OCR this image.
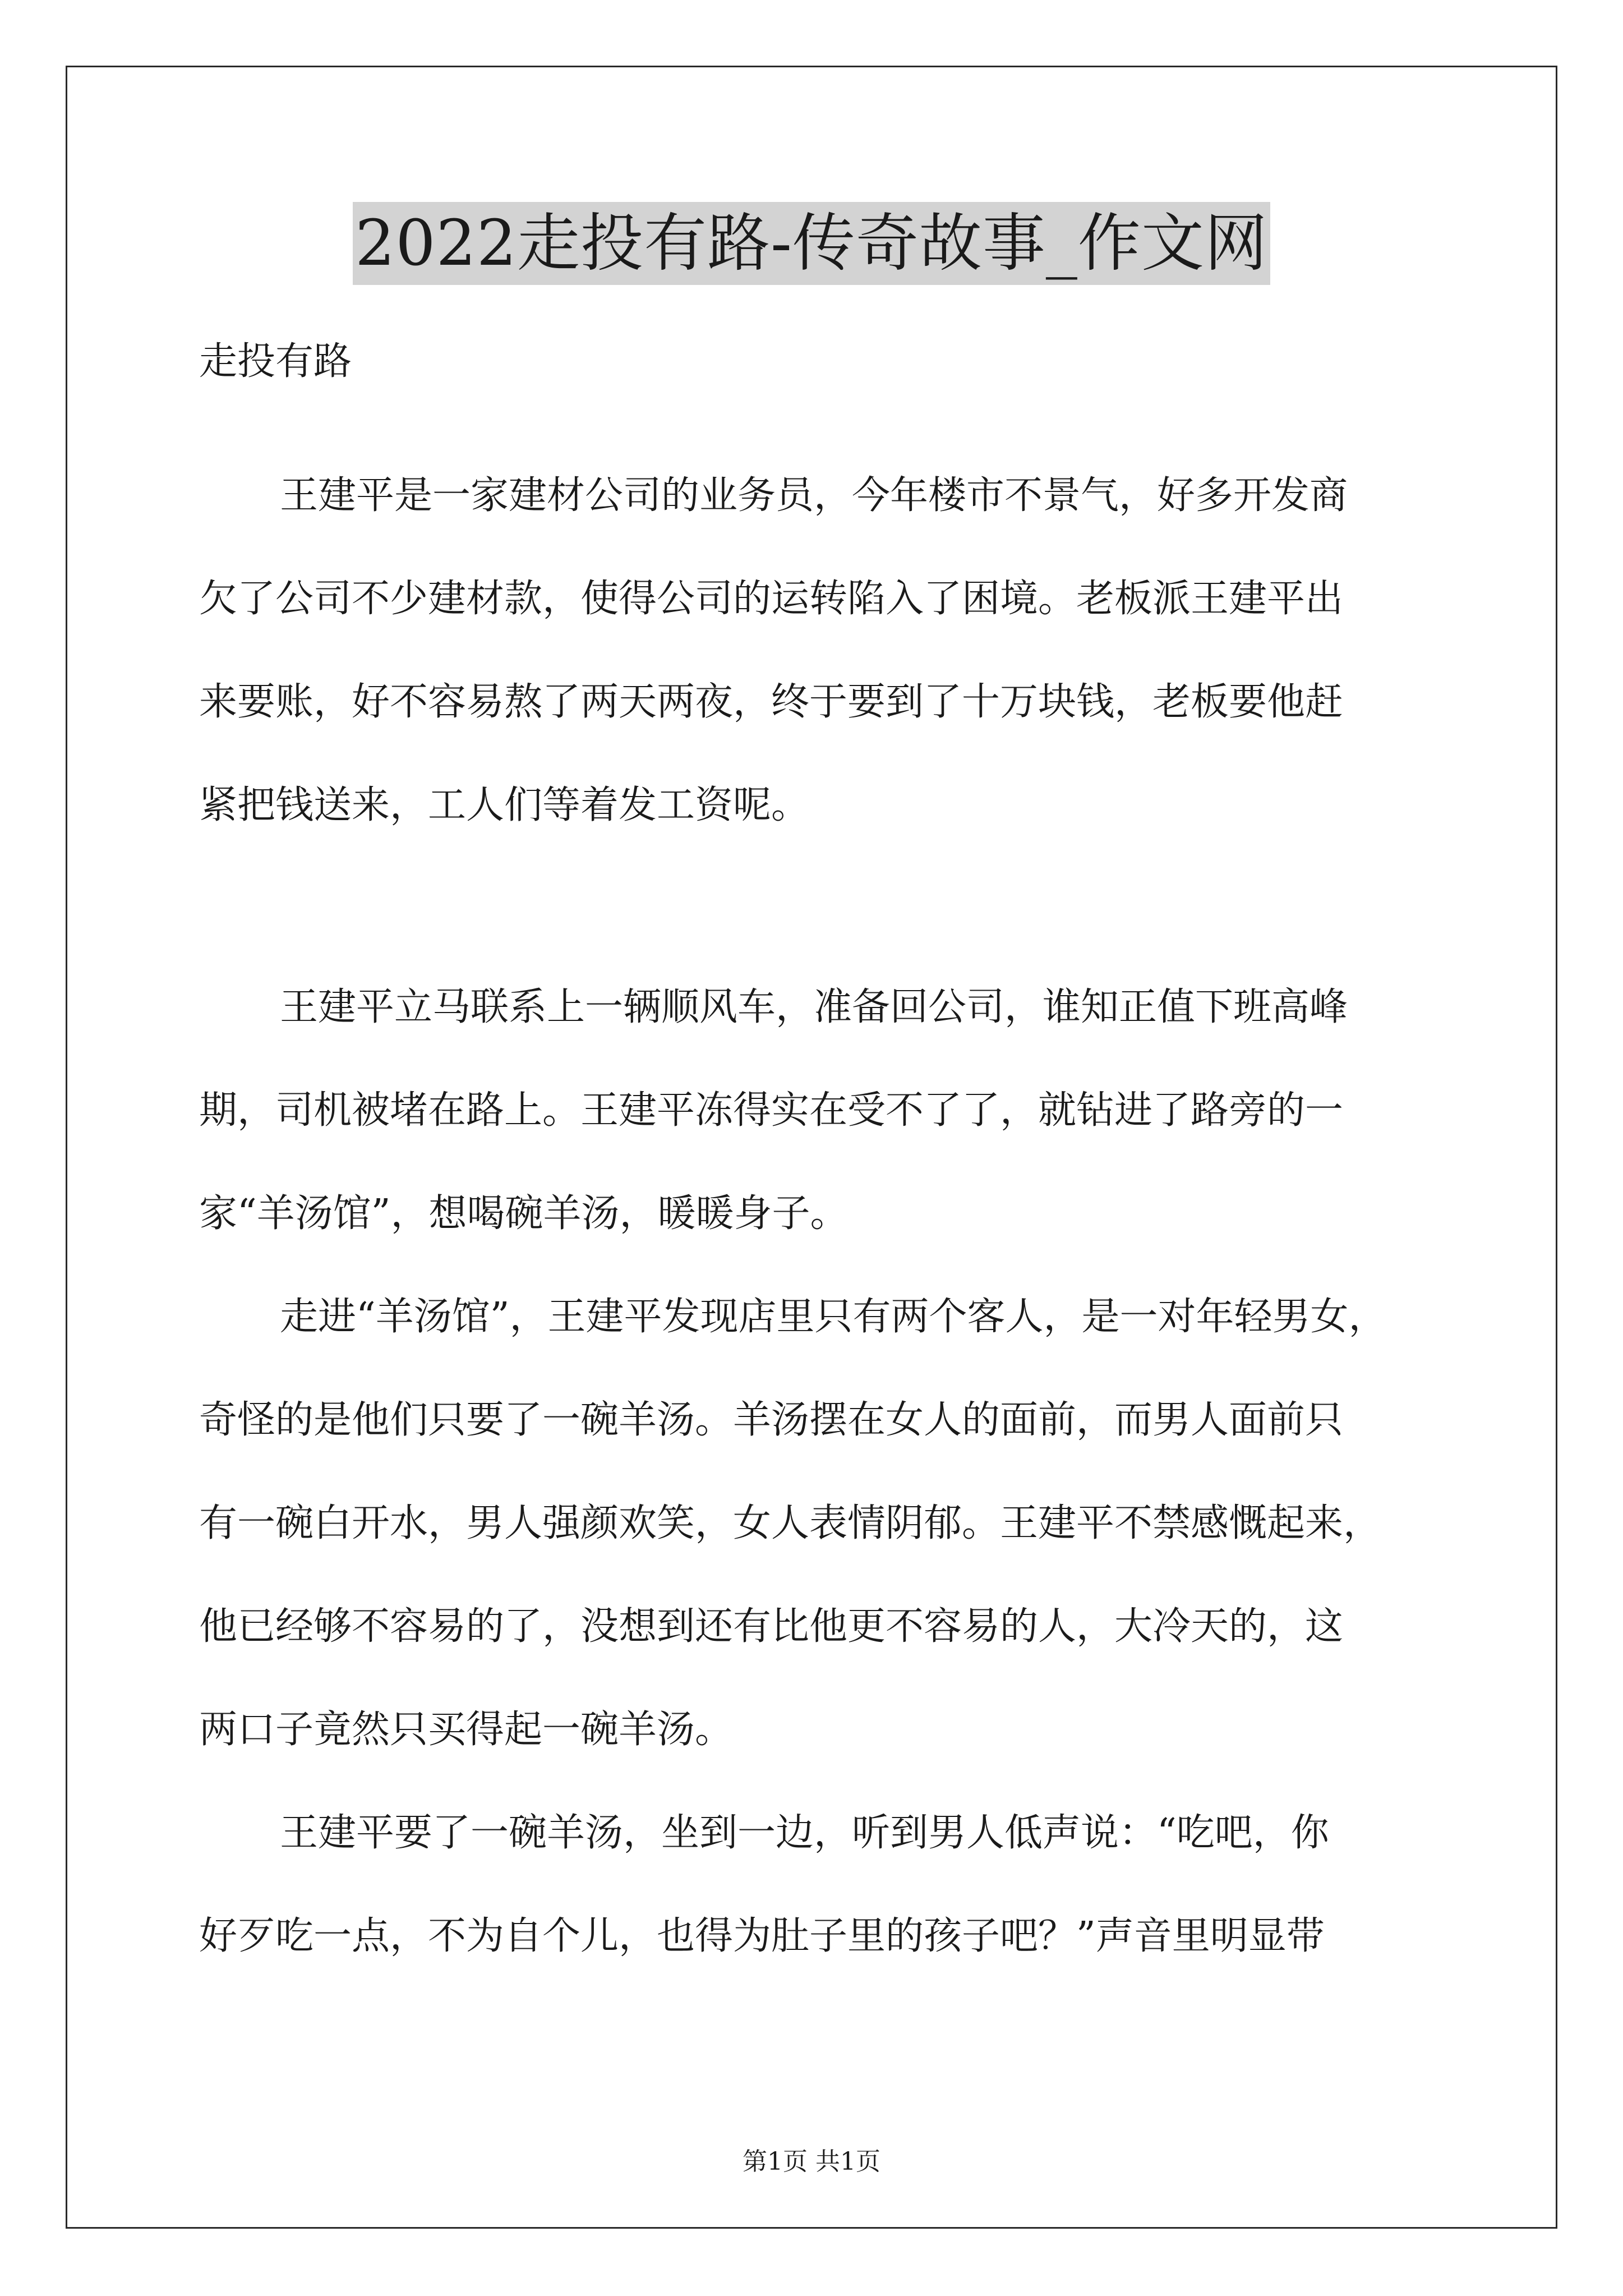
2022走投有路-传奇故事_作文网
走投有路

王建平是一家建材公司的业务员，今年楼市不景气，好多开发商
欠了公司不少建材款，使得公司的运转陷入了困境。老板派王建平出
来要账，好不容易熬了两天两夜，终于要到了十万块钱，老板要他赶
紧把钱送来，工人们等着发工资呢。

王建平立马联系上一辆顺风车，准备回公司，谁知正值下班高峰
期，司机被堵在路上。王建平冻得实在受不了了，就钻进了路旁的一
家“羊汤馆”，想喝碗羊汤，暖暖身子。

走进“羊汤馆”，王建平发现店里只有两个客人，是一对年轻男女，
奇怪的是他们只要了一碗羊汤。羊汤摆在女人的面前，而男人面前只
有一碗白开水，男人强颜欢笑，女人表情阴郁。王建平不禁感慨起来，
他已经够不容易的了，没想到还有比他更不容易的人，大冷天的，这
两口子竟然只买得起一碗羊汤。

王建平要了一碗羊汤，坐到一边，听到男人低声说：“吃吧，你
好歹吃一点，不为自个儿，也得为肚子里的孩子吧？”声音里明显带

第1页 共1页
